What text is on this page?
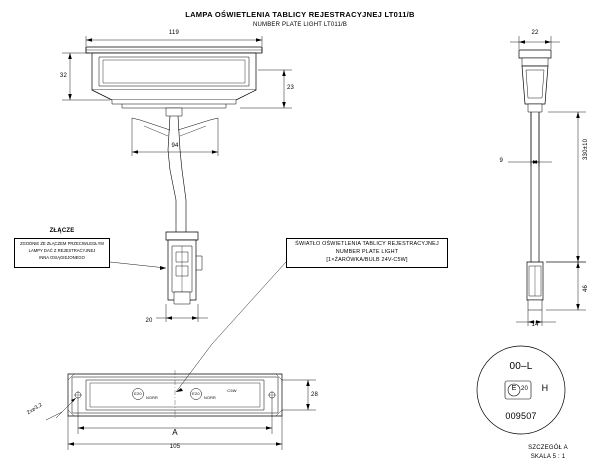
LAMPA OŚWIETLENIA TABLICY REJESTRACYJNEJ LT011/B
NUMBER PLATE LIGHT LT011/B
119
32
23
94
20
22
9
330±10
46
14
A
105
28
2x⌀3,2
ZŁĄCZE
ZGODNIE ZE ZŁĄCZEM PRZECIWLEGŁYM
LAMPY DAĆ Z REJESTRACYJNEJ
INNA OSIĄGIEJONEGO
ŚWIATŁO OŚWIETLENIA TABLICY REJESTRACYJNEJ
NUMBER PLATE LIGHT
[1×ŻARÓWKA/BULB 24V-C5W]
E20
NORR
E20
NORR
C5W
00–L
E 20 H
009507
SZCZEGÓŁ A
SKALA 5 : 1
